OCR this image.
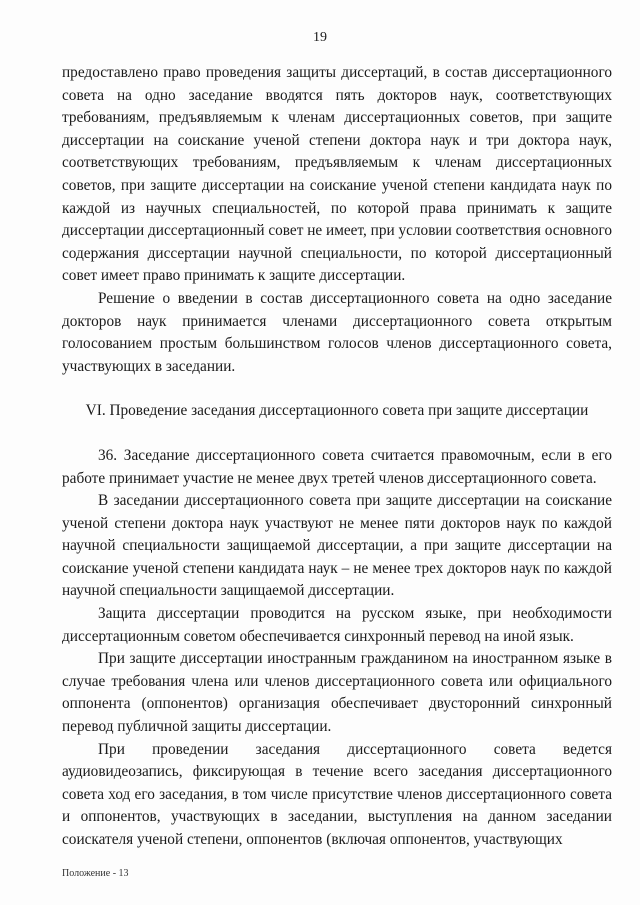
19

предоставлено право проведения защиты диссертаций, в состав диссертационного совета на одно заседание вводятся пять докторов наук, соответствующих требованиям, предъявляемым к членам диссертационных советов, при защите диссертации на соискание ученой степени доктора наук и три доктора наук, соответствующих требованиям, предъявляемым к членам диссертационных советов, при защите диссертации на соискание ученой степени кандидата наук по каждой из научных специальностей, по которой права принимать к защите диссертации диссертационный совет не имеет, при условии соответствия основного содержания диссертации научной специальности, по которой диссертационный совет имеет право принимать к защите диссертации.

Решение о введении в состав диссертационного совета на одно заседание докторов наук принимается членами диссертационного совета открытым голосованием простым большинством голосов членов диссертационного совета, участвующих в заседании.

VI. Проведение заседания диссертационного совета при защите диссертации

36. Заседание диссертационного совета считается правомочным, если в его работе принимает участие не менее двух третей членов диссертационного совета.

В заседании диссертационного совета при защите диссертации на соискание ученой степени доктора наук участвуют не менее пяти докторов наук по каждой научной специальности защищаемой диссертации, а при защите диссертации на соискание ученой степени кандидата наук – не менее трех докторов наук по каждой научной специальности защищаемой диссертации.

Защита диссертации проводится на русском языке, при необходимости диссертационным советом обеспечивается синхронный перевод на иной язык.

При защите диссертации иностранным гражданином на иностранном языке в случае требования члена или членов диссертационного совета или официального оппонента (оппонентов) организация обеспечивает двусторонний синхронный перевод публичной защиты диссертации.

При проведении заседания диссертационного совета ведется аудиовидеозапись, фиксирующая в течение всего заседания диссертационного совета ход его заседания, в том числе присутствие членов диссертационного совета и оппонентов, участвующих в заседании, выступления на данном заседании соискателя ученой степени, оппонентов (включая оппонентов, участвующих

Положение - 13
